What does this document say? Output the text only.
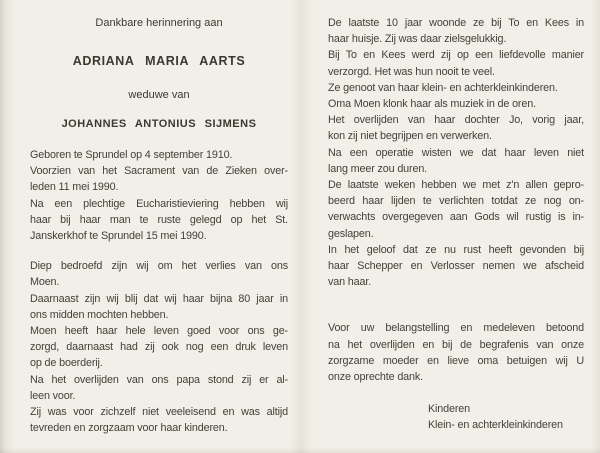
Dankbare herinnering aan
ADRIANA MARIA AARTS
weduwe van
JOHANNES ANTONIUS SIJMENS
Geboren te Sprundel op 4 september 1910.
Voorzien van het Sacrament van de Zieken over-
leden 11 mei 1990.
Na een plechtige Eucharistieviering hebben wij
haar bij haar man te ruste gelegd op het St.
Janskerkhof te Sprundel 15 mei 1990.
Diep bedroefd zijn wij om het verlies van ons
Moen.
Daarnaast zijn wij blij dat wij haar bijna 80 jaar in
ons midden mochten hebben.
Moen heeft haar hele leven goed voor ons ge-
zorgd, daarnaast had zij ook nog een druk leven
op de boerderij.
Na het overlijden van ons papa stond zij er al-
leen voor.
Zij was voor zichzelf niet veeleisend en was altijd
tevreden en zorgzaam voor haar kinderen.
De laatste 10 jaar woonde ze bij To en Kees in
haar huisje. Zij was daar zielsgelukkig.
Bij To en Kees werd zij op een liefdevolle manier
verzorgd. Het was hun nooit te veel.
Ze genoot van haar klein- en achterkleinkinderen.
Oma Moen klonk haar als muziek in de oren.
Het overlijden van haar dochter Jo, vorig jaar,
kon zij niet begrijpen en verwerken.
Na een operatie wisten we dat haar leven niet
lang meer zou duren.
De laatste weken hebben we met z'n allen gepro-
beerd haar lijden te verlichten totdat ze nog on-
verwachts overgegeven aan Gods wil rustig is in-
geslapen.
In het geloof dat ze nu rust heeft gevonden bij
haar Schepper en Verlosser nemen we afscheid
van haar.
Voor uw belangstelling en medeleven betoond
na het overlijden en bij de begrafenis van onze
zorgzame moeder en lieve oma betuigen wij U
onze oprechte dank.
Kinderen
Klein- en achterkleinkinderen
